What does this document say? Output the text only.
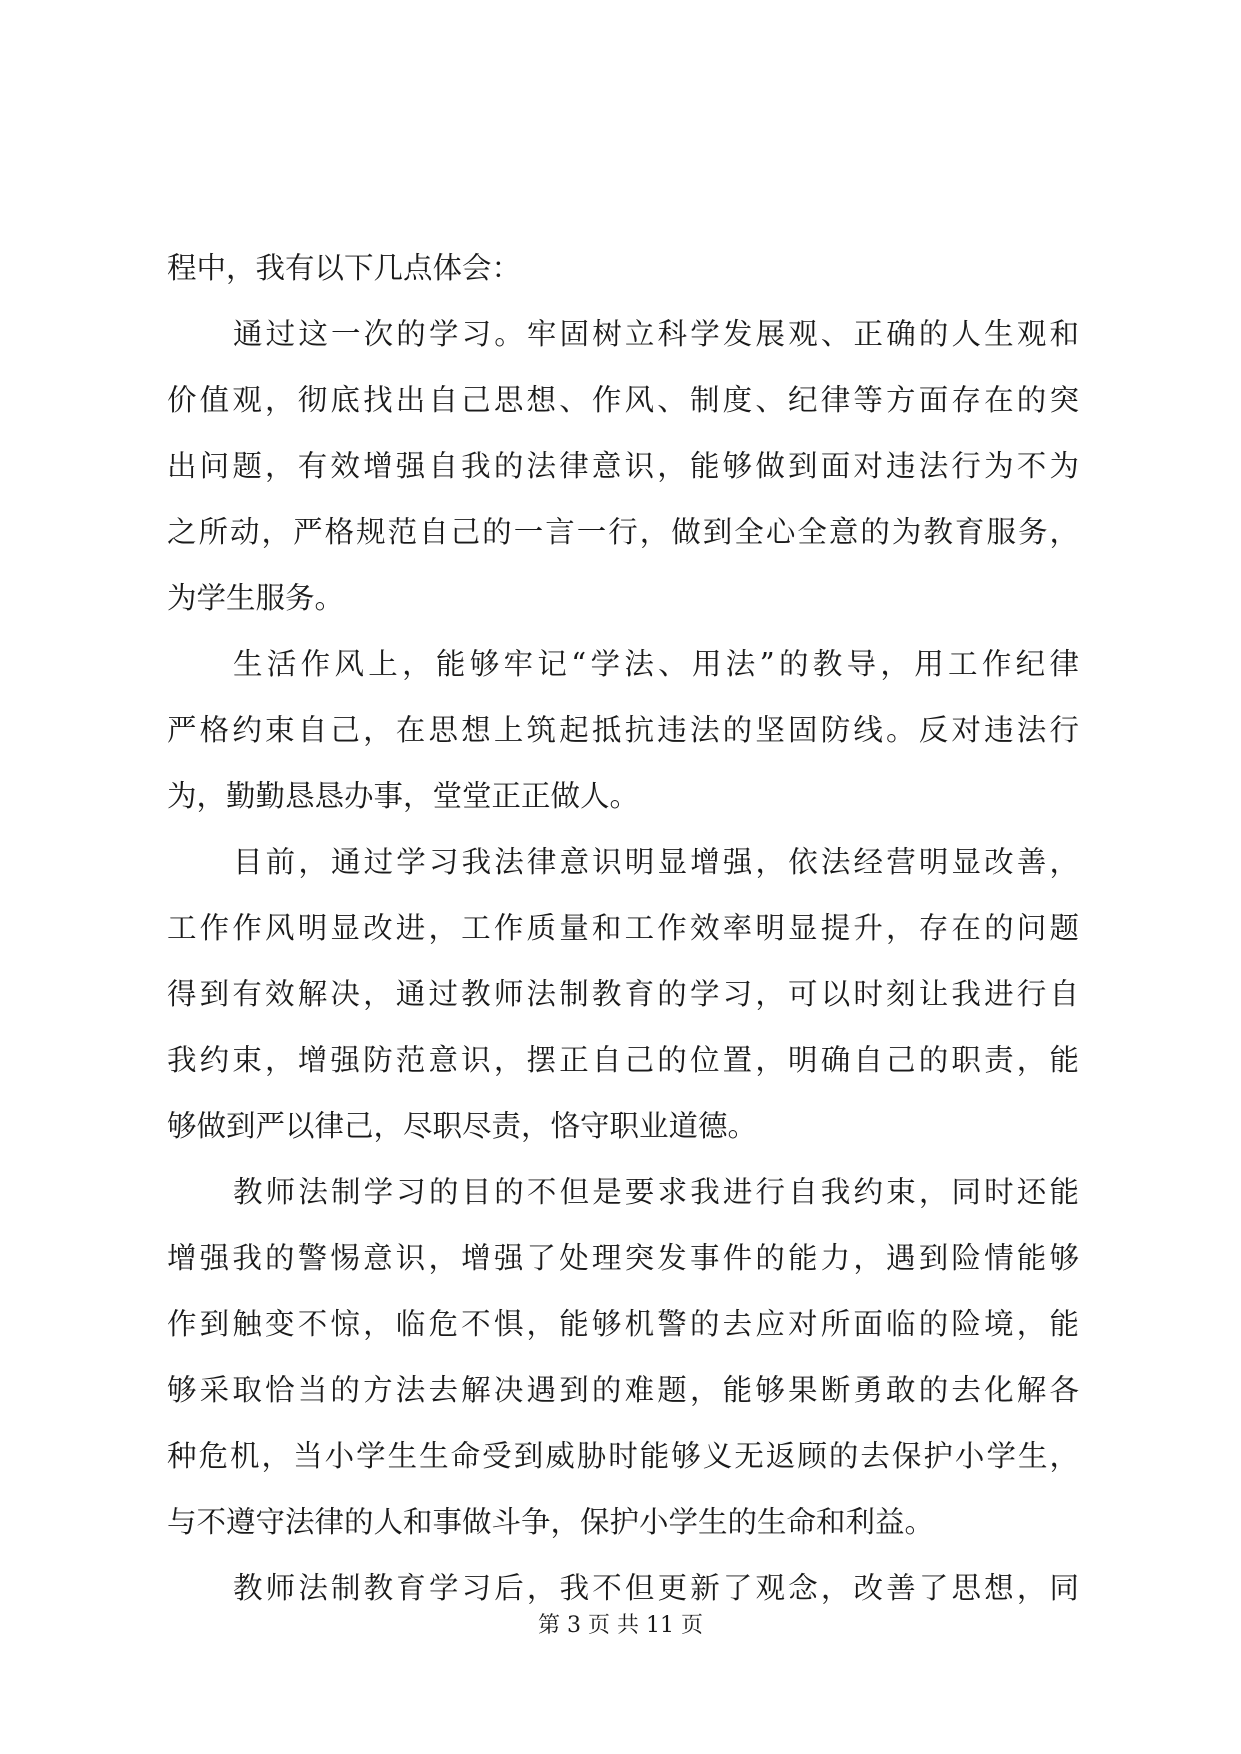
程中，我有以下几点体会：
通过这一次的学习。牢固树立科学发展观、正确的人生观和
价值观，彻底找出自己思想、作风、制度、纪律等方面存在的突
出问题，有效增强自我的法律意识，能够做到面对违法行为不为
之所动，严格规范自己的一言一行，做到全心全意的为教育服务，
为学生服务。
生活作风上，能够牢记“学法、用法”的教导，用工作纪律
严格约束自己，在思想上筑起抵抗违法的坚固防线。反对违法行
为，勤勤恳恳办事，堂堂正正做人。
目前，通过学习我法律意识明显增强，依法经营明显改善，
工作作风明显改进，工作质量和工作效率明显提升，存在的问题
得到有效解决，通过教师法制教育的学习，可以时刻让我进行自
我约束，增强防范意识，摆正自己的位置，明确自己的职责，能
够做到严以律己，尽职尽责，恪守职业道德。
教师法制学习的目的不但是要求我进行自我约束，同时还能
增强我的警惕意识，增强了处理突发事件的能力，遇到险情能够
作到触变不惊，临危不惧，能够机警的去应对所面临的险境，能
够采取恰当的方法去解决遇到的难题，能够果断勇敢的去化解各
种危机，当小学生生命受到威胁时能够义无返顾的去保护小学生，
与不遵守法律的人和事做斗争，保护小学生的生命和利益。
教师法制教育学习后，我不但更新了观念，改善了思想，同
第 3 页 共 11 页
